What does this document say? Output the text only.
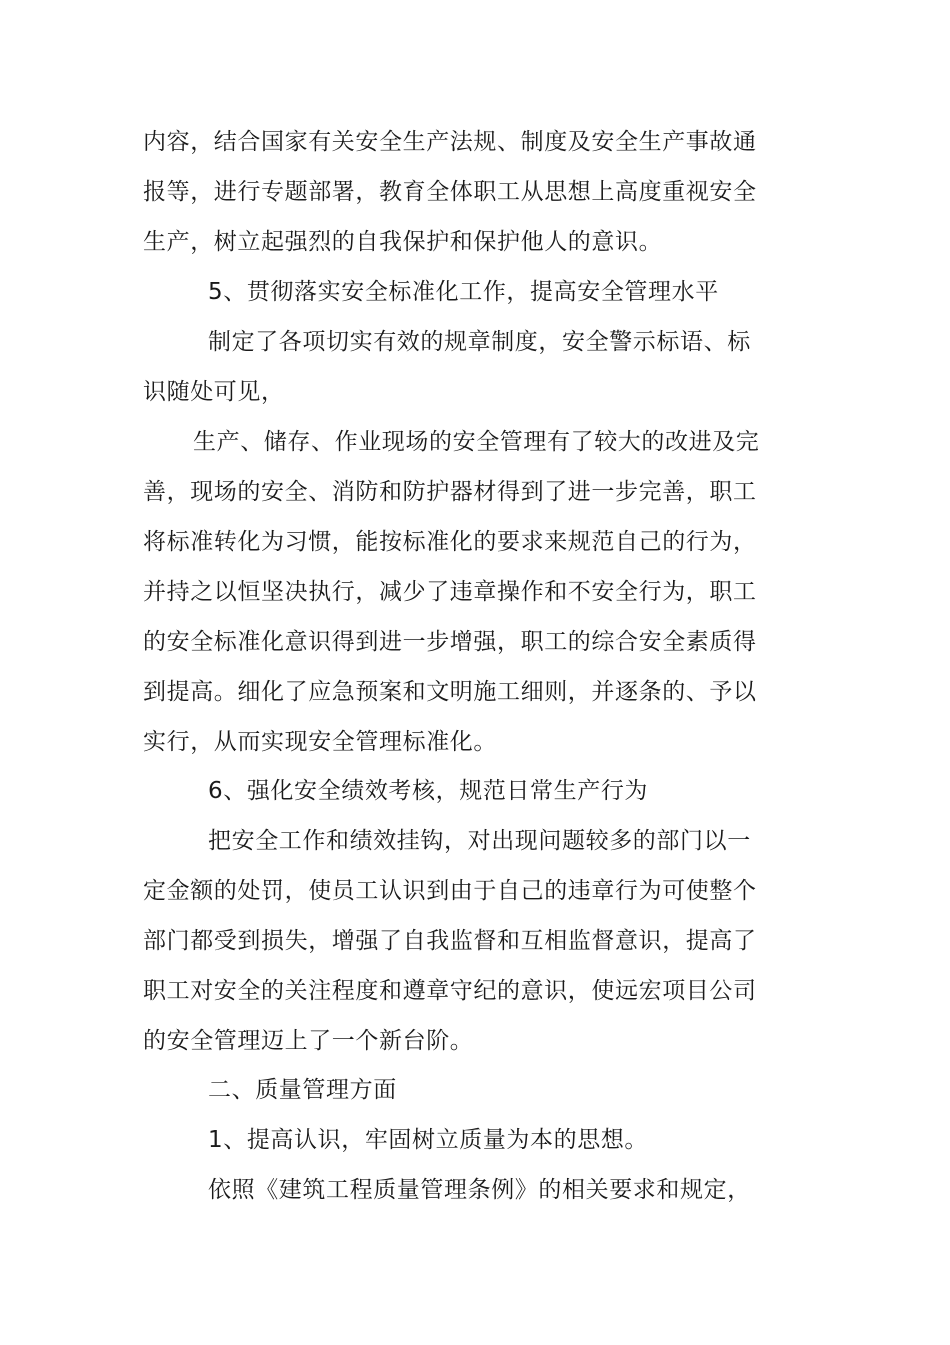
内容，结合国家有关安全生产法规、制度及安全生产事故通
报等，进行专题部署，教育全体职工从思想上高度重视安全
生产，树立起强烈的自我保护和保护他人的意识。
5、贯彻落实安全标准化工作，提高安全管理水平
制定了各项切实有效的规章制度，安全警示标语、标
识随处可见，
生产、储存、作业现场的安全管理有了较大的改进及完
善，现场的安全、消防和防护器材得到了进一步完善，职工
将标准转化为习惯，能按标准化的要求来规范自己的行为，
并持之以恒坚决执行，减少了违章操作和不安全行为，职工
的安全标准化意识得到进一步增强，职工的综合安全素质得
到提高。细化了应急预案和文明施工细则，并逐条的、予以
实行，从而实现安全管理标准化。
6、强化安全绩效考核，规范日常生产行为
把安全工作和绩效挂钩，对出现问题较多的部门以一
定金额的处罚，使员工认识到由于自己的违章行为可使整个
部门都受到损失，增强了自我监督和互相监督意识，提高了
职工对安全的关注程度和遵章守纪的意识，使远宏项目公司
的安全管理迈上了一个新台阶。
二、质量管理方面
1、提高认识，牢固树立质量为本的思想。
依照《建筑工程质量管理条例》的相关要求和规定，
